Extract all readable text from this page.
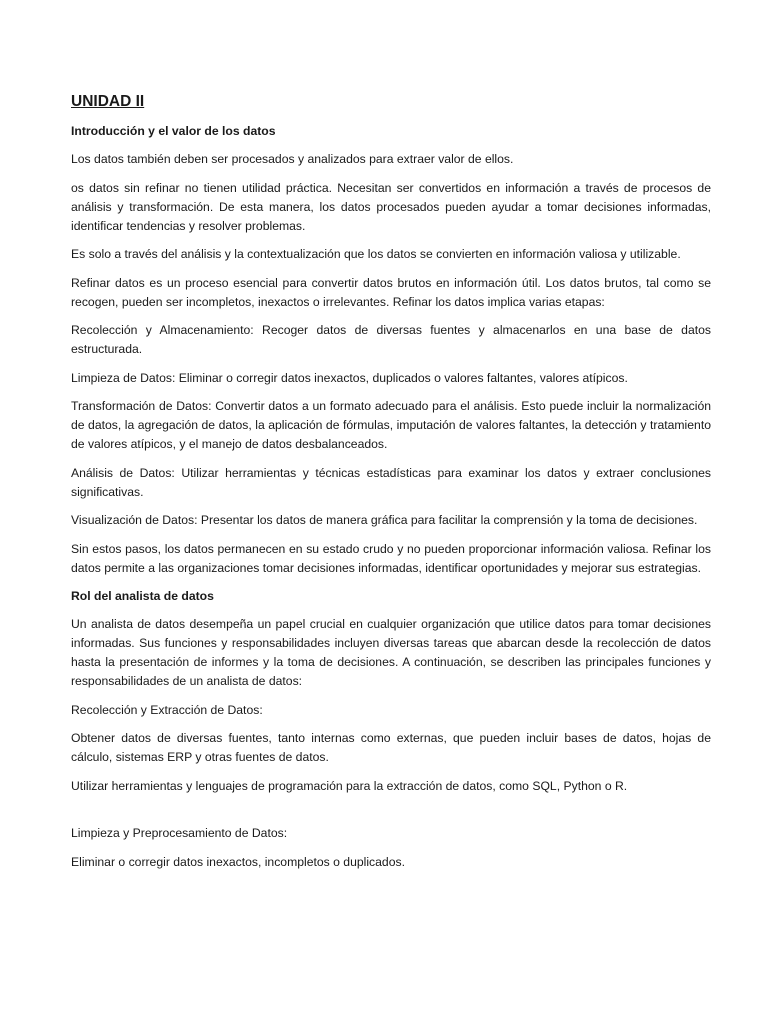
UNIDAD II
Introducción y el valor de los datos

Los datos también deben ser procesados y analizados para extraer valor de ellos.

os datos sin refinar no tienen utilidad práctica. Necesitan ser convertidos en información a través de procesos de análisis y transformación. De esta manera, los datos procesados pueden ayudar a tomar decisiones informadas, identificar tendencias y resolver problemas.

Es solo a través del análisis y la contextualización que los datos se convierten en información valiosa y utilizable.

Refinar datos es un proceso esencial para convertir datos brutos en información útil. Los datos brutos, tal como se recogen, pueden ser incompletos, inexactos o irrelevantes. Refinar los datos implica varias etapas:

Recolección y Almacenamiento: Recoger datos de diversas fuentes y almacenarlos en una base de datos estructurada.

Limpieza de Datos: Eliminar o corregir datos inexactos, duplicados o valores faltantes, valores atípicos.

Transformación de Datos: Convertir datos a un formato adecuado para el análisis. Esto puede incluir la normalización de datos, la agregación de datos, la aplicación de fórmulas, imputación de valores faltantes, la detección y tratamiento de valores atípicos, y el manejo de datos desbalanceados.

Análisis de Datos: Utilizar herramientas y técnicas estadísticas para examinar los datos y extraer conclusiones significativas.

Visualización de Datos: Presentar los datos de manera gráfica para facilitar la comprensión y la toma de decisiones.

Sin estos pasos, los datos permanecen en su estado crudo y no pueden proporcionar información valiosa. Refinar los datos permite a las organizaciones tomar decisiones informadas, identificar oportunidades y mejorar sus estrategias.

Rol del analista de datos

Un analista de datos desempeña un papel crucial en cualquier organización que utilice datos para tomar decisiones informadas. Sus funciones y responsabilidades incluyen diversas tareas que abarcan desde la recolección de datos hasta la presentación de informes y la toma de decisiones. A continuación, se describen las principales funciones y responsabilidades de un analista de datos:

Recolección y Extracción de Datos:

Obtener datos de diversas fuentes, tanto internas como externas, que pueden incluir bases de datos, hojas de cálculo, sistemas ERP y otras fuentes de datos.

Utilizar herramientas y lenguajes de programación para la extracción de datos, como SQL, Python o R.

Limpieza y Preprocesamiento de Datos:

Eliminar o corregir datos inexactos, incompletos o duplicados.
